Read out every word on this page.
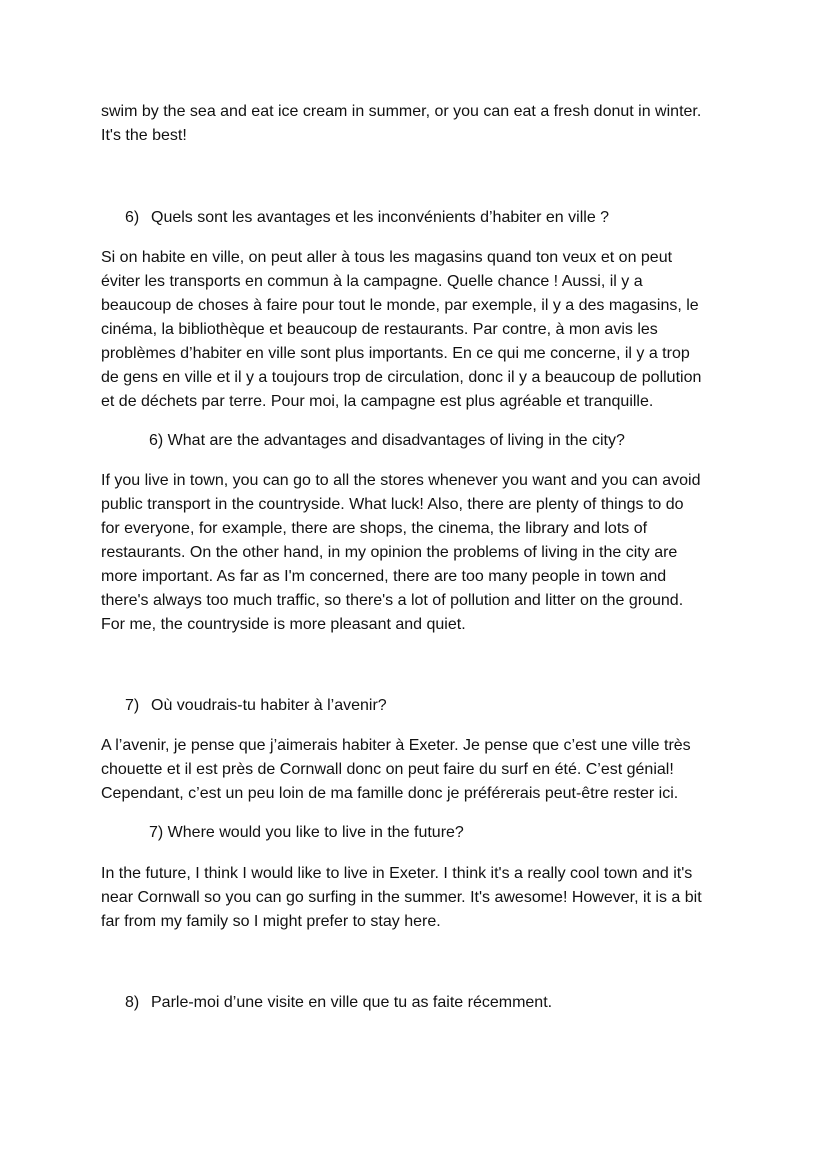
swim by the sea and eat ice cream in summer, or you can eat a fresh donut in winter.
It's the best!

6) Quels sont les avantages et les inconvénients d’habiter en ville ?

Si on habite en ville, on peut aller à tous les magasins quand ton veux et on peut
éviter les transports en commun à la campagne. Quelle chance ! Aussi, il y a
beaucoup de choses à faire pour tout le monde, par exemple, il y a des magasins, le
cinéma, la bibliothèque et beaucoup de restaurants. Par contre, à mon avis les
problèmes d’habiter en ville sont plus importants. En ce qui me concerne, il y a trop
de gens en ville et il y a toujours trop de circulation, donc il y a beaucoup de pollution
et de déchets par terre. Pour moi, la campagne est plus agréable et tranquille.

6) What are the advantages and disadvantages of living in the city?

If you live in town, you can go to all the stores whenever you want and you can avoid
public transport in the countryside. What luck! Also, there are plenty of things to do
for everyone, for example, there are shops, the cinema, the library and lots of
restaurants. On the other hand, in my opinion the problems of living in the city are
more important. As far as I'm concerned, there are too many people in town and
there's always too much traffic, so there's a lot of pollution and litter on the ground.
For me, the countryside is more pleasant and quiet.

7) Où voudrais-tu habiter à l’avenir?

A l’avenir, je pense que j’aimerais habiter à Exeter. Je pense que c’est une ville très
chouette et il est près de Cornwall donc on peut faire du surf en été. C’est génial!
Cependant, c’est un peu loin de ma famille donc je préférerais peut-être rester ici.

7) Where would you like to live in the future?

In the future, I think I would like to live in Exeter. I think it's a really cool town and it's
near Cornwall so you can go surfing in the summer. It's awesome! However, it is a bit
far from my family so I might prefer to stay here.

8) Parle-moi d’une visite en ville que tu as faite récemment.
